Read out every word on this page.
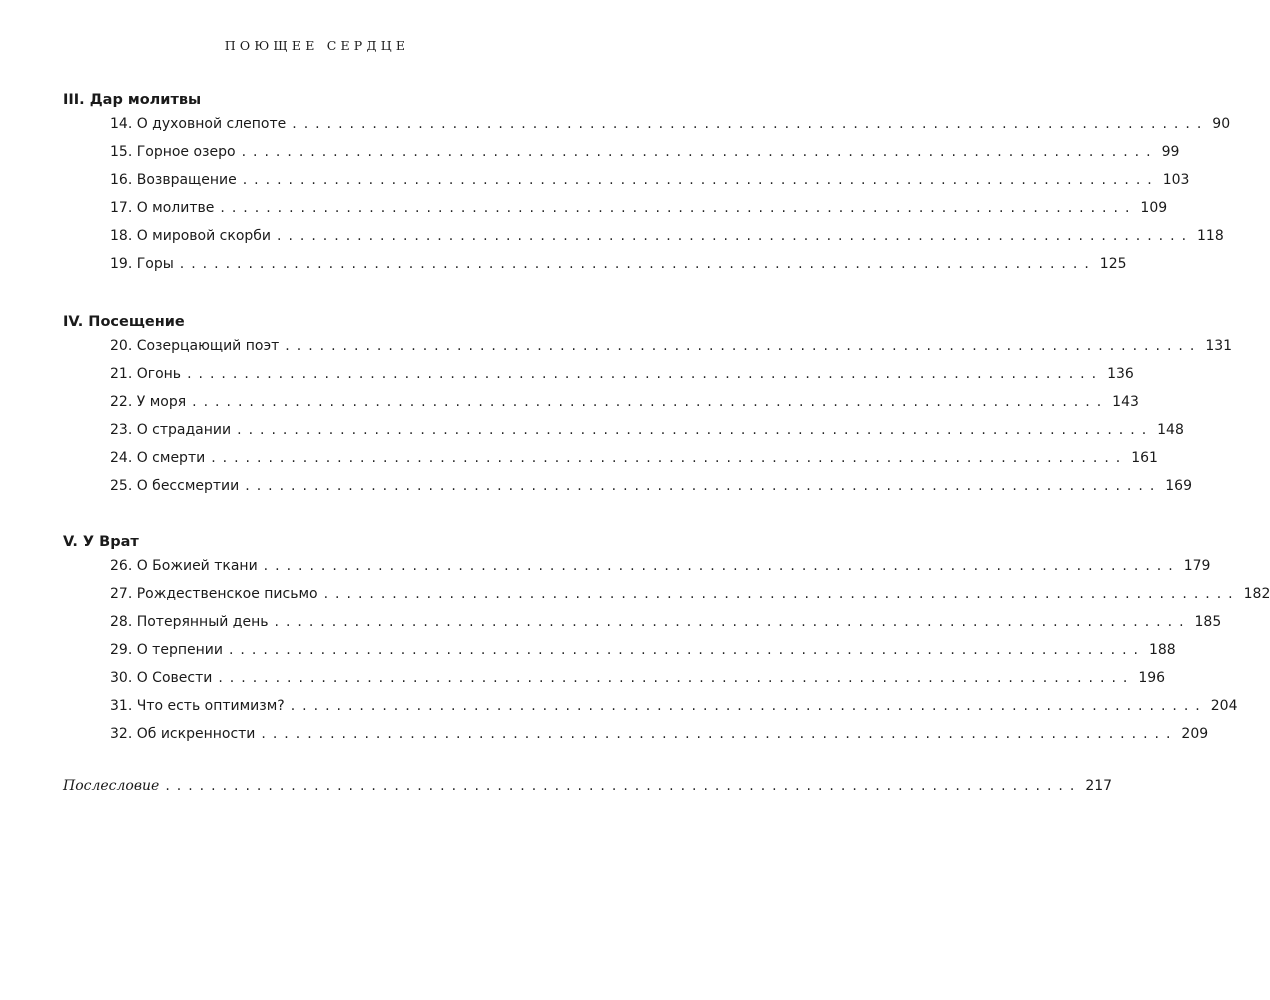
ПОЮЩЕЕ СЕРДЦЕ
III. Дар молитвы
14. О духовной слепоте ................................................................................ 90
15. Горное озеро ................................................................................ 99
16. Возвращение ................................................................................ 103
17. О молитве ................................................................................ 109
18. О мировой скорби ................................................................................ 118
19. Горы ................................................................................ 125
IV. Посещение
20. Созерцающий поэт ................................................................................ 131
21. Огонь ................................................................................ 136
22. У моря ................................................................................ 143
23. О страдании ................................................................................ 148
24. О смерти ................................................................................ 161
25. О бессмертии ................................................................................ 169
V. У Врат
26. О Божией ткани ................................................................................ 179
27. Рождественское письмо ................................................................................ 182
28. Потерянный день ................................................................................ 185
29. О терпении ................................................................................ 188
30. О Совести ................................................................................ 196
31. Что есть оптимизм? ................................................................................ 204
32. Об искренности ................................................................................ 209
Послесловие ................................................................................ 217
